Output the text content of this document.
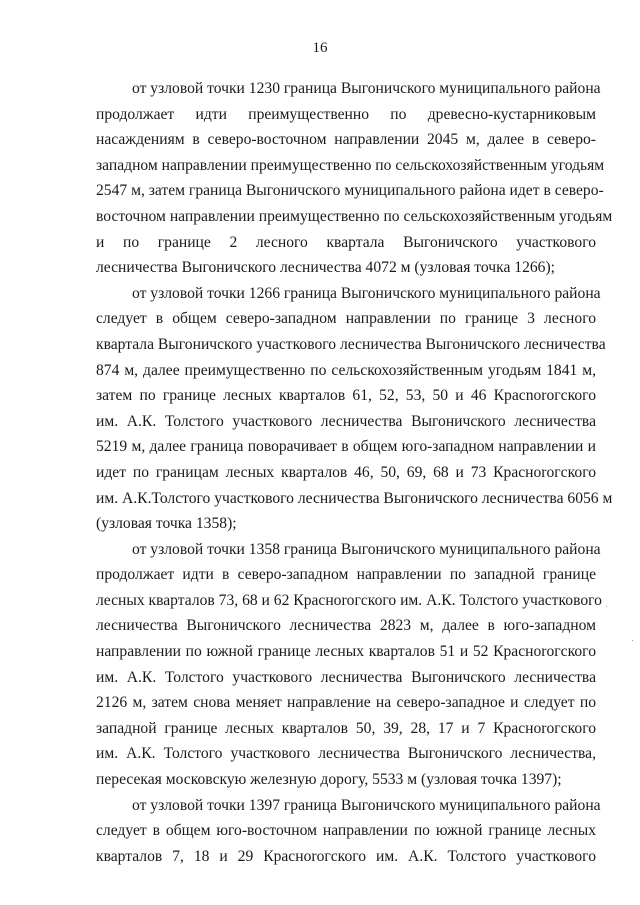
16
от узловой точки 1230 граница Выгоничского муниципального района
продолжает идти преимущественно по древесно-кустарниковым
насаждениям в северо-восточном направлении 2045 м, далее в северо-
западном направлении преимущественно по сельскохозяйственным угодьям
2547 м, затем граница Выгоничского муниципального района идет в северо-
восточном направлении преимущественно по сельскохозяйственным угодьям
и по границе 2 лесного квартала Выгоничского участкового
лесничества Выгоничского лесничества 4072 м (узловая точка 1266);
от узловой точки 1266 граница Выгоничского муниципального района
следует в общем северо-западном направлении по границе 3 лесного
квартала Выгоничского участкового лесничества Выгоничского лесничества
874 м, далее преимущественно по сельскохозяйственным угодьям 1841 м,
затем по границе лесных кварталов 61, 52, 53, 50 и 46 Красnorогского
им. А.К. Толстого участкового лесничества Выгоничского лесничества
5219 м, далее граница поворачивает в общем юго-западном направлении и
идет по границам лесных кварталов 46, 50, 69, 68 и 73 Красноrогского
им. А.К.Толстого участкового лесничества Выгоничского лесничества 6056 м
(узловая точка 1358);
от узловой точки 1358 граница Выгоничского муниципального района
продолжает идти в северо-западном направлении по западной границе
лесных кварталов 73, 68 и 62 Красноrогского им. А.К. Толстого участкового
лесничества Выгоничского лесничества 2823 м, далее в юго-западном
направлении по южной границе лесных кварталов 51 и 52 Красноrогского
им. А.К. Толстого участкового лесничества Выгоничского лесничества
2126 м, затем снова меняет направление на северо-западное и следует по
западной границе лесных кварталов 50, 39, 28, 17 и 7 Красноrогского
им. А.К. Толстого участкового лесничества Выгоничского лесничества,
пересекая московскую железную дорогу, 5533 м (узловая точка 1397);
от узловой точки 1397 граница Выгоничского муниципального района
следует в общем юго-восточном направлении по южной границе лесных
кварталов 7, 18 и 29 Красноrогского им. А.К. Толстого участкового
